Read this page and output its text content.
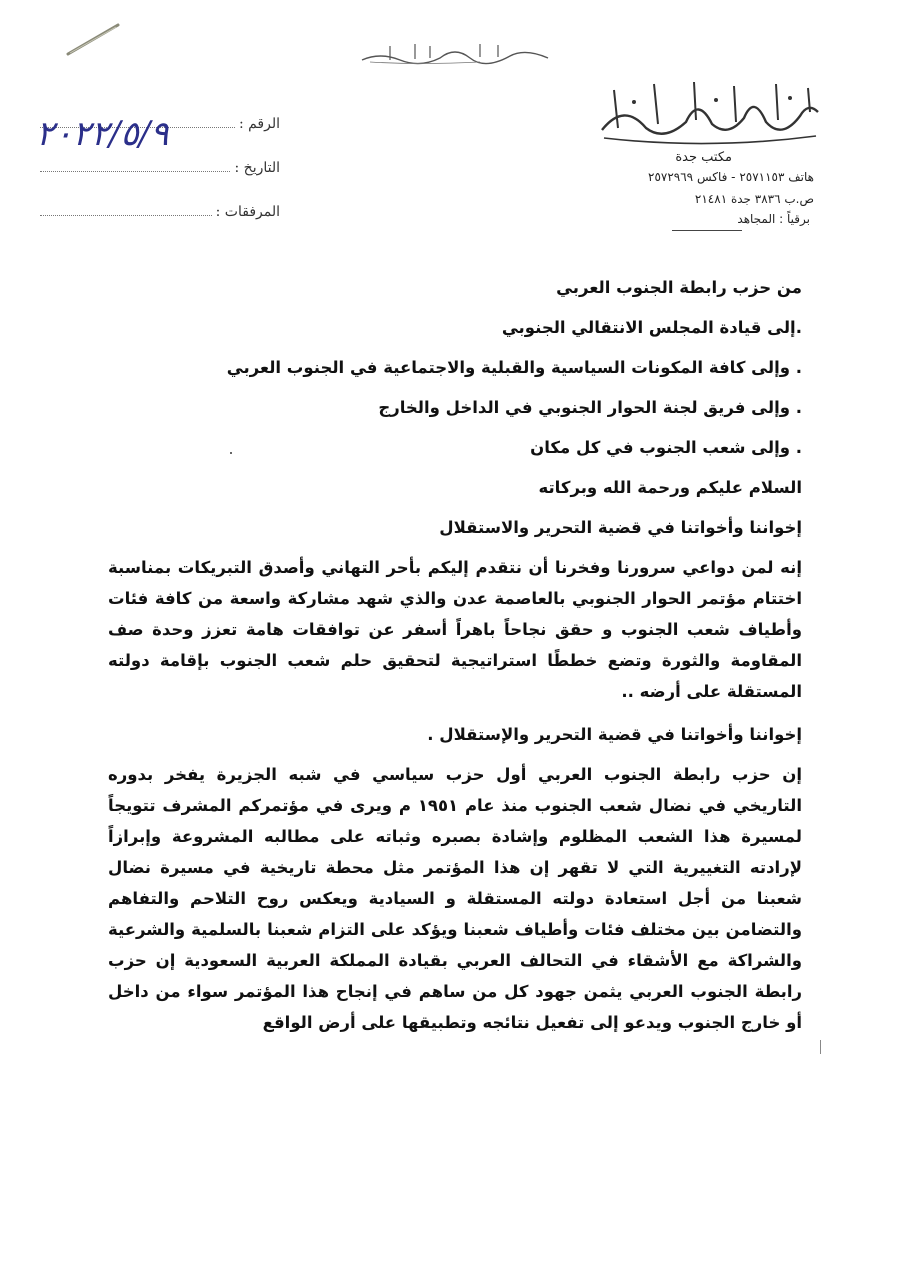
الرقم :
التاريخ :
المرفقات :
٢٠٢٢/٥/٩
مكتب جدة
هاتف ٢٥٧١١٥٣ - فاكس ٢٥٧٢٩٦٩
ص.ب ٣٨٣٦ جدة ٢١٤٨١
برقياً : المجاهد

من حزب رابطة الجنوب العربي

.إلى قيادة المجلس الانتقالي الجنوبي

. وإلى كافة المكونات السياسية والقبلية والاجتماعية في الجنوب العربي

. وإلى فريق لجنة الحوار الجنوبي في الداخل والخارج

. وإلى شعب الجنوب في كل مكان

السلام عليكم ورحمة الله وبركاته

إخواننا وأخواتنا في قضية التحرير والاستقلال

إنه لمن دواعي سرورنا وفخرنا أن نتقدم إليكم بأحر التهاني وأصدق التبريكات بمناسبة اختتام مؤتمر الحوار الجنوبي بالعاصمة عدن والذي شهد مشاركة واسعة من كافة فئات وأطياف شعب الجنوب و حقق نجاحاً باهراً أسفر عن توافقات هامة تعزز وحدة صف المقاومة والثورة وتضع خططًا استراتيجية لتحقيق حلم شعب الجنوب بإقامة دولته المستقلة على أرضه ..

إخواننا وأخواتنا في قضية التحرير والإستقلال .

إن حزب رابطة الجنوب العربي أول حزب سياسي في شبه الجزيرة يفخر بدوره التاريخي في نضال شعب الجنوب منذ عام ١٩٥١ م ويرى في مؤتمركم المشرف تتويجاً لمسيرة هذا الشعب المظلوم وإشادة بصبره وثباته على مطالبه المشروعة وإبرازاً لإرادته التغييرية التي لا تقهر إن هذا المؤتمر مثل محطة تاريخية في مسيرة نضال شعبنا من أجل استعادة دولته المستقلة و السيادية ويعكس روح التلاحم والتفاهم والتضامن بين مختلف فئات وأطياف شعبنا ويؤكد على التزام شعبنا بالسلمية والشرعية والشراكة مع الأشقاء في التحالف العربي بقيادة المملكة العربية السعودية إن حزب رابطة الجنوب العربي يثمن جهود كل من ساهم في إنجاح هذا المؤتمر سواء من داخل أو خارج الجنوب ويدعو إلى تفعيل نتائجه وتطبيقها على أرض الواقع
